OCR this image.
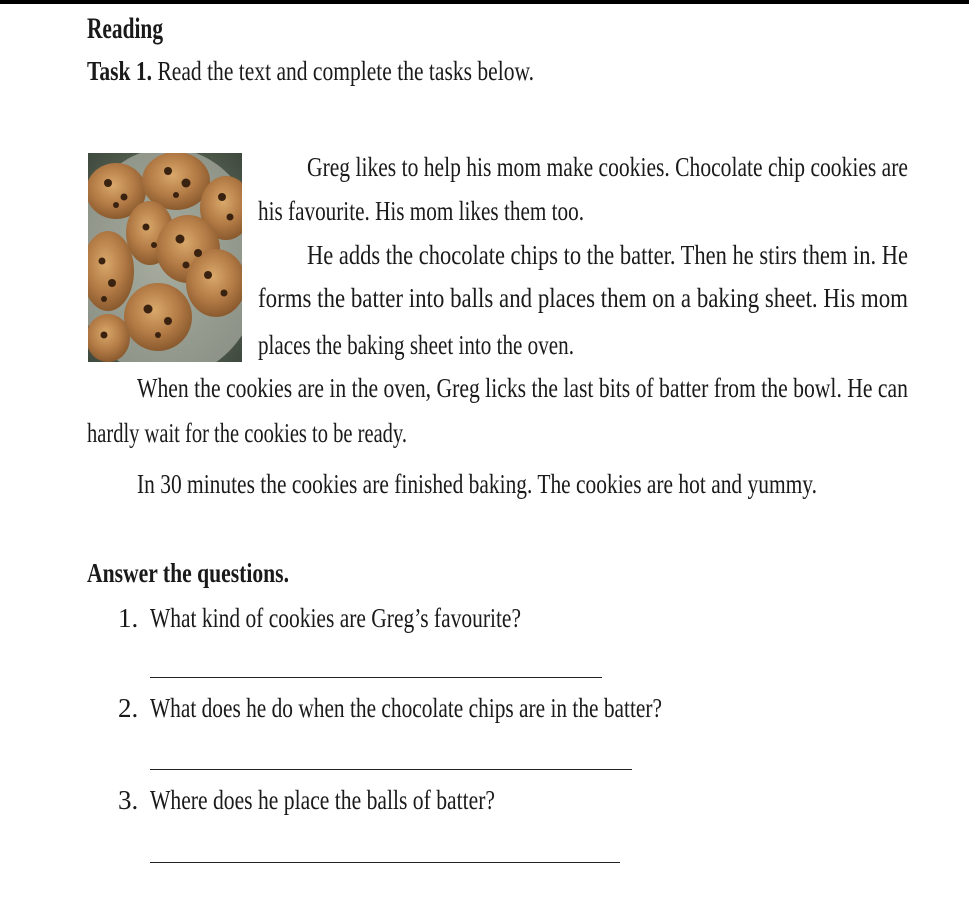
Reading
Task 1. Read the text and complete the tasks below.
Greg likes to help his mom make cookies. Chocolate chip cookies are
his favourite. His mom likes them too.
He adds the chocolate chips to the batter. Then he stirs them in. He
forms the batter into balls and places them on a baking sheet. His mom
places the baking sheet into the oven.
When the cookies are in the oven, Greg licks the last bits of batter from the bowl. He can
hardly wait for the cookies to be ready.
In 30 minutes the cookies are finished baking. The cookies are hot and yummy.
Answer the questions.
1. What kind of cookies are Greg’s favourite?
2. What does he do when the chocolate chips are in the batter?
3. Where does he place the balls of batter?
